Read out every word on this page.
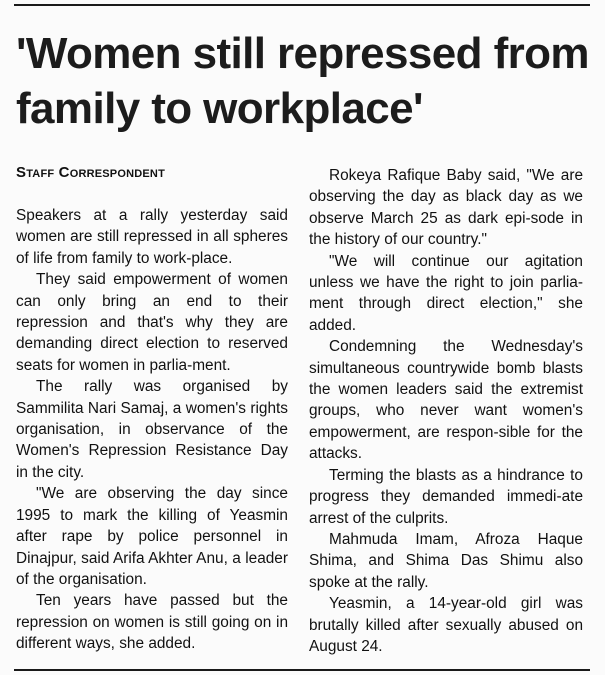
'Women still repressed from family to workplace'
Staff Correspondent

Speakers at a rally yesterday said women are still repressed in all spheres of life from family to work-place.

They said empowerment of women can only bring an end to their repression and that's why they are demanding direct election to reserved seats for women in parlia-ment.

The rally was organised by Sammilita Nari Samaj, a women's rights organisation, in observance of the Women's Repression Resistance Day in the city.

"We are observing the day since 1995 to mark the killing of Yeasmin after rape by police personnel in Dinajpur, said Arifa Akhter Anu, a leader of the organisation.

Ten years have passed but the repression on women is still going on in different ways, she added.

Rokeya Rafique Baby said, "We are observing the day as black day as we observe March 25 as dark epi-sode in the history of our country."

"We will continue our agitation unless we have the right to join parlia-ment through direct election," she added.

Condemning the Wednesday's simultaneous countrywide bomb blasts the women leaders said the extremist groups, who never want women's empowerment, are respon-sible for the attacks.

Terming the blasts as a hindrance to progress they demanded immedi-ate arrest of the culprits.

Mahmuda Imam, Afroza Haque Shima, and Shima Das Shimu also spoke at the rally.

Yeasmin, a 14-year-old girl was brutally killed after sexually abused on August 24.
